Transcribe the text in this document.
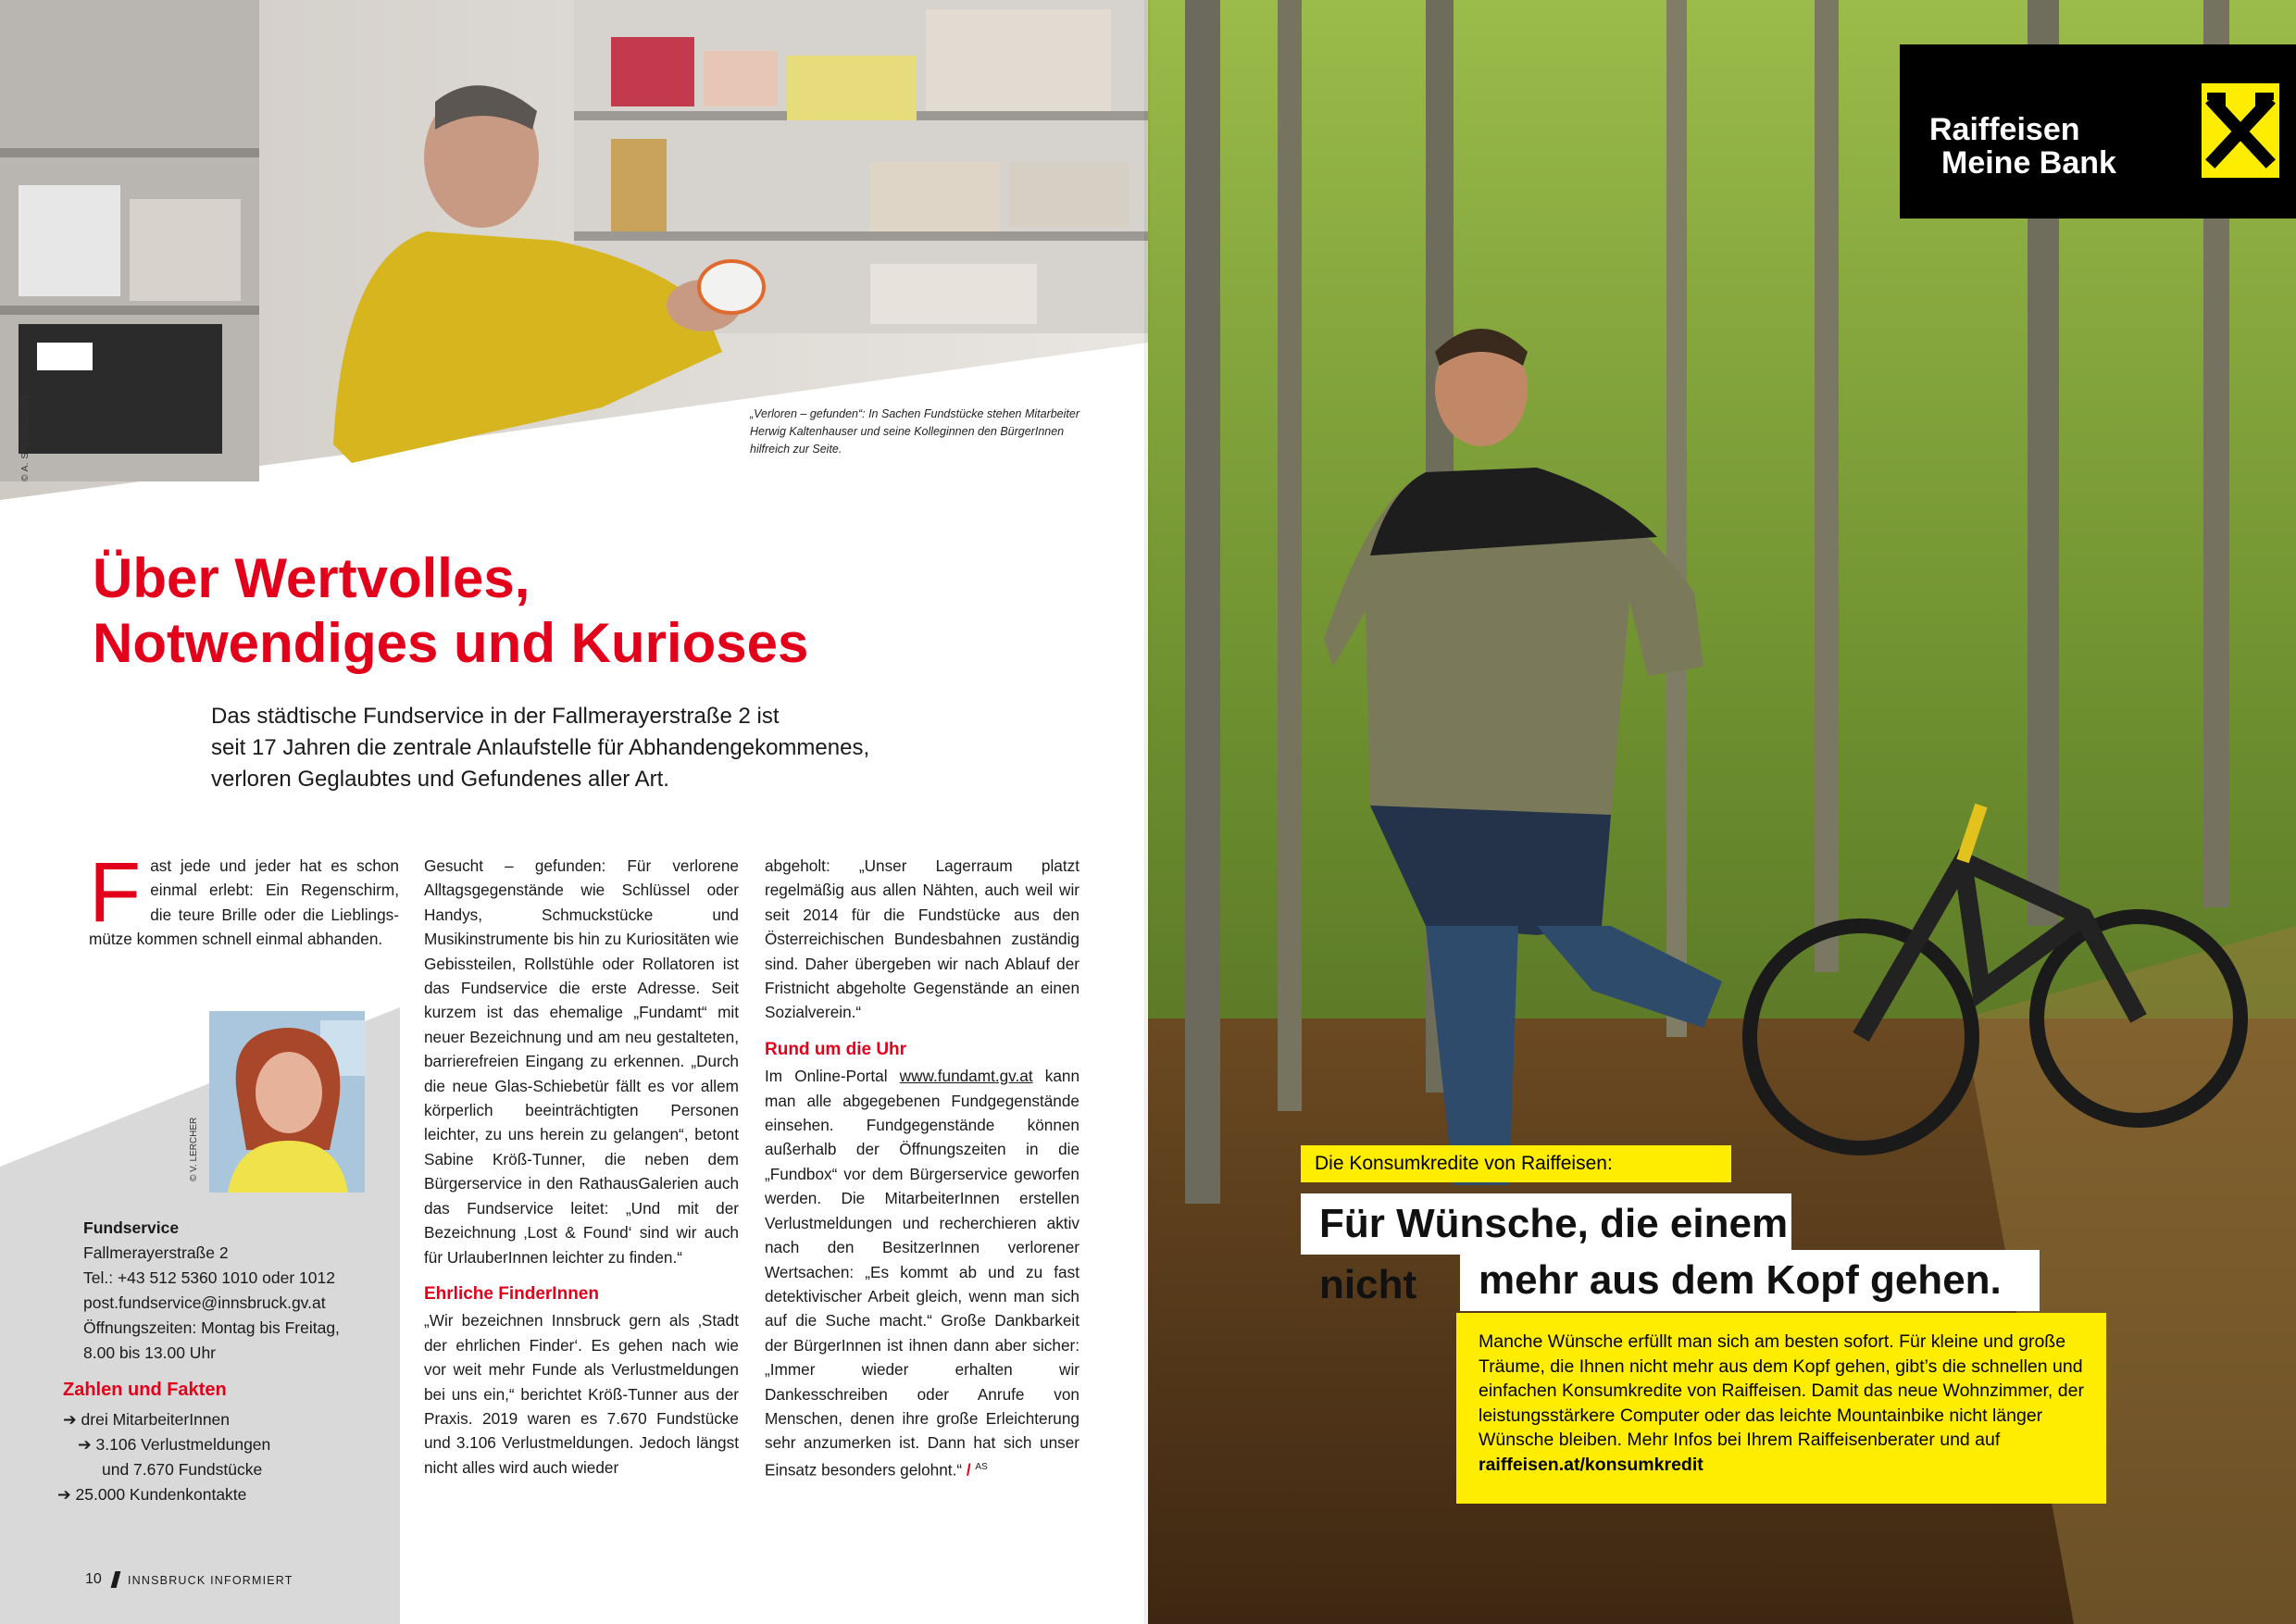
„Verloren – gefunden“: In Sachen Fundstücke stehen Mitarbeiter Herwig Kaltenhauser und seine Kolleginnen den BürgerInnen hilfreich zur Seite.
© A. STEINÄCKER
Über Wertvolles,
Notwendiges und Kurioses
Das städtische Fundservice in der Fallmerayerstraße 2 ist
seit 17 Jahren die zentrale Anlaufstelle für Abhandengekommenes,
verloren Geglaubtes und Gefundenes aller Art.
F ast jede und jeder hat es schon einmal erlebt: Ein Regenschirm, die teure Brille oder die Lieblingsmütze kommen schnell einmal abhanden.

© V. LERCHER
Fundservice
Fallmerayerstraße 2
Tel.: +43 512 5360 1010 oder 1012
post.fundservice@innsbruck.gv.at
Öffnungszeiten: Montag bis Freitag,
8.00 bis 13.00 Uhr
Zahlen und Fakten
➔ drei MitarbeiterInnen
➔ 3.106 Verlustmeldungen
und 7.670 Fundstücke
➔ 25.000 Kundenkontakte

Gesucht – gefunden: Für verlorene Alltagsgegenstände wie Schlüssel oder Handys, Schmuckstücke und Musikinstrumente bis hin zu Kuriositäten wie Gebissteilen, Rollstühle oder Rollatoren ist das Fundservice die erste Adresse. Seit kurzem ist das ehemalige „Fundamt“ mit neuer Bezeichnung und am neu gestalteten, barrierefreien Eingang zu erkennen. „Durch die neue Glas-Schiebetür fällt es vor allem körperlich beeinträchtigten Personen leichter, zu uns herein zu gelangen“, betont Sabine Kröß-Tunner, die neben dem Bürgerservice in den RathausGalerien auch das Fundservice leitet: „Und mit der Bezeichnung ‚Lost & Found‘ sind wir auch für UrlauberInnen leichter zu finden.“

Ehrliche FinderInnen

„Wir bezeichnen Innsbruck gern als ‚Stadt der ehrlichen Finder‘. Es gehen nach wie vor weit mehr Funde als Verlustmeldungen bei uns ein,“ berichtet Kröß-Tunner aus der Praxis. 2019 waren es 7.670 Fundstücke und 3.106 Verlustmeldungen. Jedoch längst nicht alles wird auch wieder

abgeholt: „Unser Lagerraum platzt regelmäßig aus allen Nähten, auch weil wir seit 2014 für die Fundstücke aus den Österreichischen Bundesbahnen zuständig sind. Daher übergeben wir nach Ablauf der Fristnicht abgeholte Gegenstände an einen Sozialverein.“

Rund um die Uhr

Im Online-Portal www.fundamt.gv.at kann man alle abgegebenen Fundgegenstände einsehen. Fundgegenstände können außerhalb der Öffnungszeiten in die „Fundbox“ vor dem Bürgerservice geworfen werden. Die MitarbeiterInnen erstellen Verlustmeldungen und recherchieren aktiv nach den BesitzerInnen verlorener Wertsachen: „Es kommt ab und zu fast detektivischer Arbeit gleich, wenn man sich auf die Suche macht.“ Große Dankbarkeit der BürgerInnen ist ihnen dann aber sicher: „Immer wieder erhalten wir Dankesschreiben oder Anrufe von Menschen, denen ihre große Erleichterung sehr anzumerken ist. Dann hat sich unser Einsatz besonders gelohnt.“ / $^{AS}$

10 INNSBRUCK INFORMIERT
Raiffeisen
Meine Bank
Die Konsumkredite von Raiffeisen:
Für Wünsche, die einem nicht	mehr aus dem Kopf gehen.
Manche Wünsche erfüllt man sich am besten sofort. Für kleine und große Träume, die Ihnen nicht mehr aus dem Kopf gehen, gibt’s die schnellen und einfachen Konsumkredite von Raiffeisen. Damit das neue Wohnzimmer, der leistungsstärkere Computer oder das leichte Mountainbike nicht länger Wünsche bleiben. Mehr Infos bei Ihrem Raiffeisenberater und auf raiffeisen.at/konsumkredit
